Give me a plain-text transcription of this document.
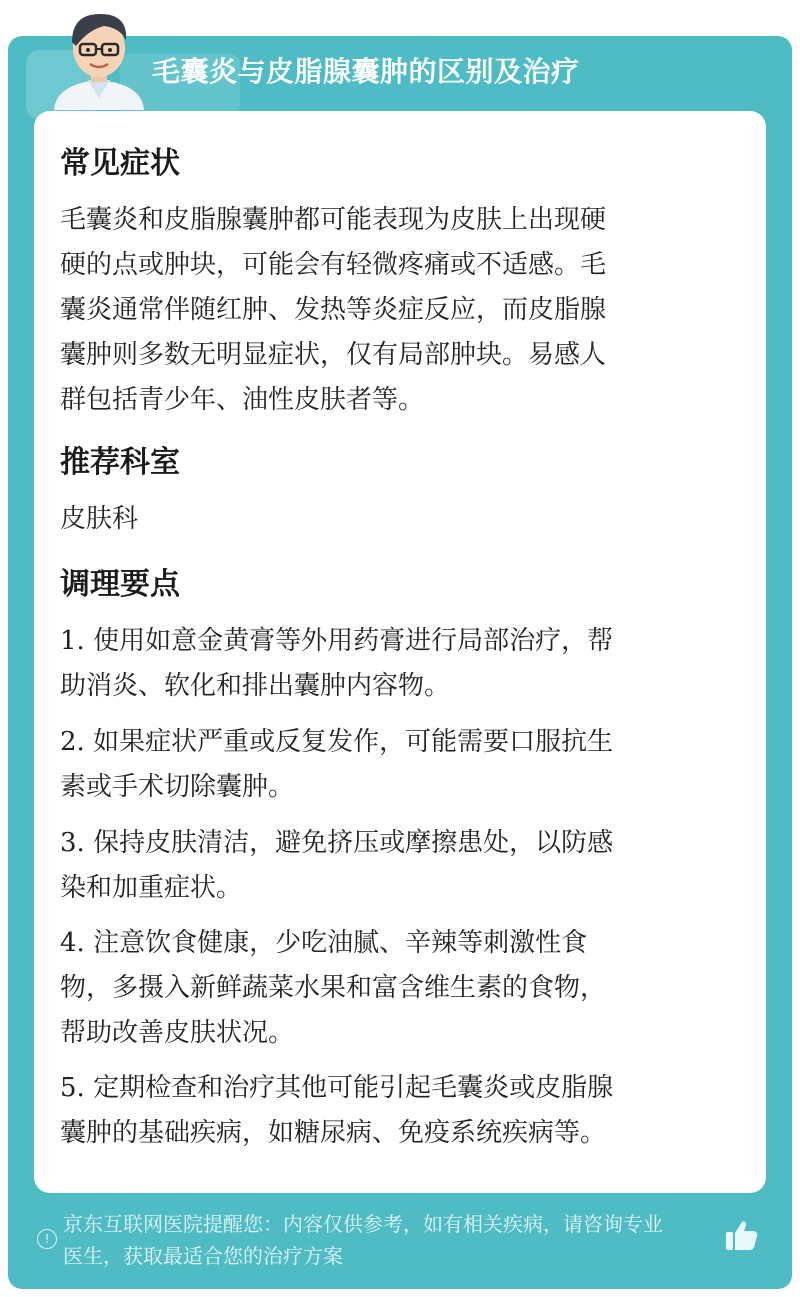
毛囊炎与皮脂腺囊肿的区别及治疗
常见症状
毛囊炎和皮脂腺囊肿都可能表现为皮肤上出现硬
硬的点或肿块，可能会有轻微疼痛或不适感。毛
囊炎通常伴随红肿、发热等炎症反应，而皮脂腺
囊肿则多数无明显症状，仅有局部肿块。易感人
群包括青少年、油性皮肤者等。
推荐科室
皮肤科
调理要点
1. 使用如意金黄膏等外用药膏进行局部治疗，帮
助消炎、软化和排出囊肿内容物。
2. 如果症状严重或反复发作，可能需要口服抗生
素或手术切除囊肿。
3. 保持皮肤清洁，避免挤压或摩擦患处，以防感
染和加重症状。
4. 注意饮食健康，少吃油腻、辛辣等刺激性食
物，多摄入新鲜蔬菜水果和富含维生素的食物，
帮助改善皮肤状况。
5. 定期检查和治疗其他可能引起毛囊炎或皮脂腺
囊肿的基础疾病，如糖尿病、免疫系统疾病等。
!
京东互联网医院提醒您：内容仅供参考，如有相关疾病，请咨询专业
医生，获取最适合您的治疗方案
